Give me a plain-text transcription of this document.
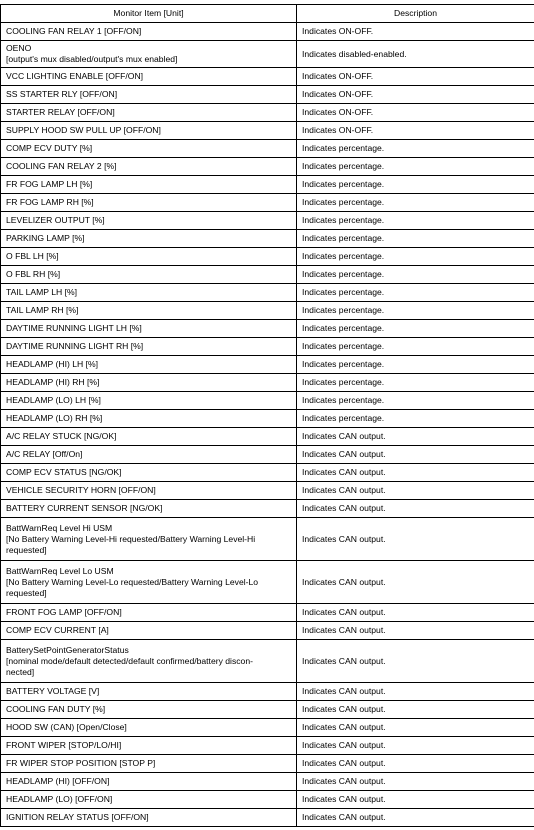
Monitor Item [Unit]	Description

COOLING FAN RELAY 1 [OFF/ON]	Indicates ON-OFF.

OENO
[output's mux disabled/output's mux enabled]	Indicates disabled-enabled.

VCC LIGHTING ENABLE [OFF/ON]	Indicates ON-OFF.

SS STARTER RLY [OFF/ON]	Indicates ON-OFF.

STARTER RELAY [OFF/ON]	Indicates ON-OFF.

SUPPLY HOOD SW PULL UP [OFF/ON]	Indicates ON-OFF.

COMP ECV DUTY [%]	Indicates percentage.

COOLING FAN RELAY 2 [%]	Indicates percentage.

FR FOG LAMP LH [%]	Indicates percentage.

FR FOG LAMP RH [%]	Indicates percentage.

LEVELIZER OUTPUT [%]	Indicates percentage.

PARKING LAMP [%]	Indicates percentage.

O FBL LH [%]	Indicates percentage.

O FBL RH [%]	Indicates percentage.

TAIL LAMP LH [%]	Indicates percentage.

TAIL LAMP RH [%]	Indicates percentage.

DAYTIME RUNNING LIGHT LH [%]	Indicates percentage.

DAYTIME RUNNING LIGHT RH [%]	Indicates percentage.

HEADLAMP (HI) LH [%]	Indicates percentage.

HEADLAMP (HI) RH [%]	Indicates percentage.

HEADLAMP (LO) LH [%]	Indicates percentage.

HEADLAMP (LO) RH [%]	Indicates percentage.

A/C RELAY STUCK [NG/OK]	Indicates CAN output.

A/C RELAY [Off/On]	Indicates CAN output.

COMP ECV STATUS [NG/OK]	Indicates CAN output.

VEHICLE SECURITY HORN [OFF/ON]	Indicates CAN output.

BATTERY CURRENT SENSOR [NG/OK]	Indicates CAN output.

BattWarnReq Level Hi USM
[No Battery Warning Level-Hi requested/Battery Warning Level-Hi
requested]	Indicates CAN output.

BattWarnReq Level Lo USM
[No Battery Warning Level-Lo requested/Battery Warning Level-Lo
requested]	Indicates CAN output.

FRONT FOG LAMP [OFF/ON]	Indicates CAN output.

COMP ECV CURRENT [A]	Indicates CAN output.

BatterySetPointGeneratorStatus
[nominal mode/default detected/default confirmed/battery discon-
nected]	Indicates CAN output.

BATTERY VOLTAGE [V]	Indicates CAN output.

COOLING FAN DUTY [%]	Indicates CAN output.

HOOD SW (CAN) [Open/Close]	Indicates CAN output.

FRONT WIPER [STOP/LO/HI]	Indicates CAN output.

FR WIPER STOP POSITION [STOP P]	Indicates CAN output.

HEADLAMP (HI) [OFF/ON]	Indicates CAN output.

HEADLAMP (LO) [OFF/ON]	Indicates CAN output.

IGNITION RELAY STATUS [OFF/ON]	Indicates CAN output.
